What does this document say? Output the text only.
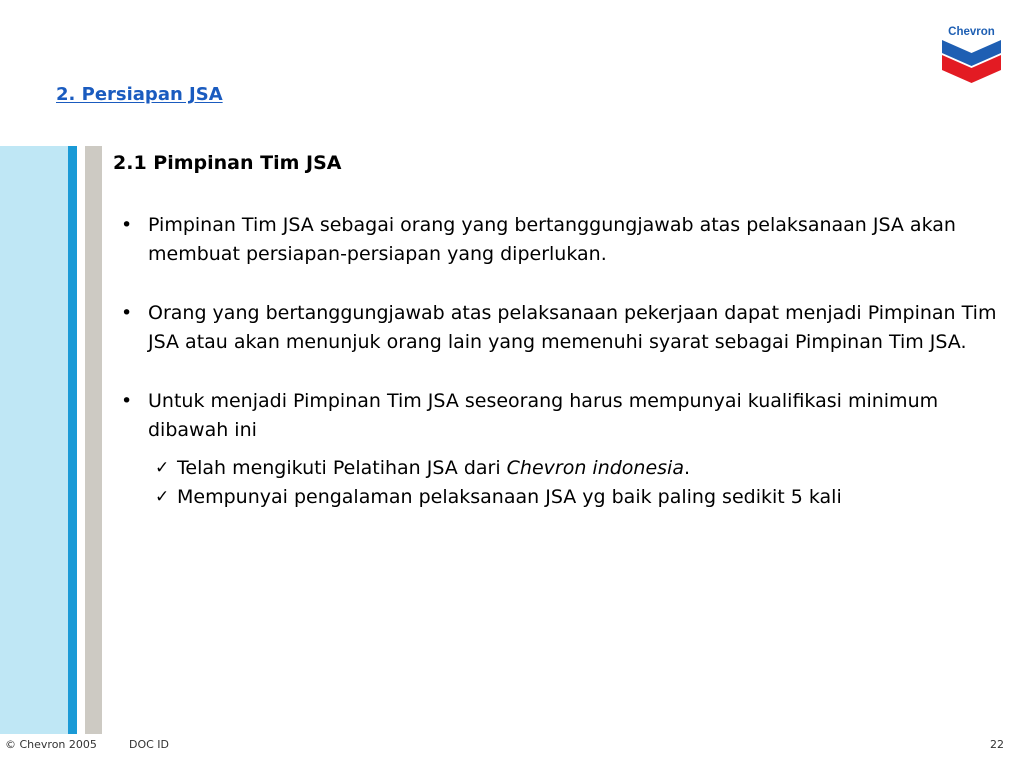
2. Persiapan JSA
Chevron
2.1 Pimpinan Tim JSA
• Pimpinan Tim JSA sebagai orang yang bertanggungjawab atas pelaksanaan JSA akan membuat persiapan-persiapan yang diperlukan.
• Orang yang bertanggungjawab atas pelaksanaan pekerjaan dapat menjadi Pimpinan Tim JSA atau akan menunjuk orang lain yang memenuhi syarat sebagai Pimpinan Tim JSA.
• Untuk menjadi Pimpinan Tim JSA seseorang harus mempunyai kualifikasi minimum dibawah ini
✓ Telah mengikuti Pelatihan JSA dari Chevron indonesia.
✓ Mempunyai pengalaman pelaksanaan JSA yg baik paling sedikit 5 kali
© Chevron 2005	DOC ID	22
